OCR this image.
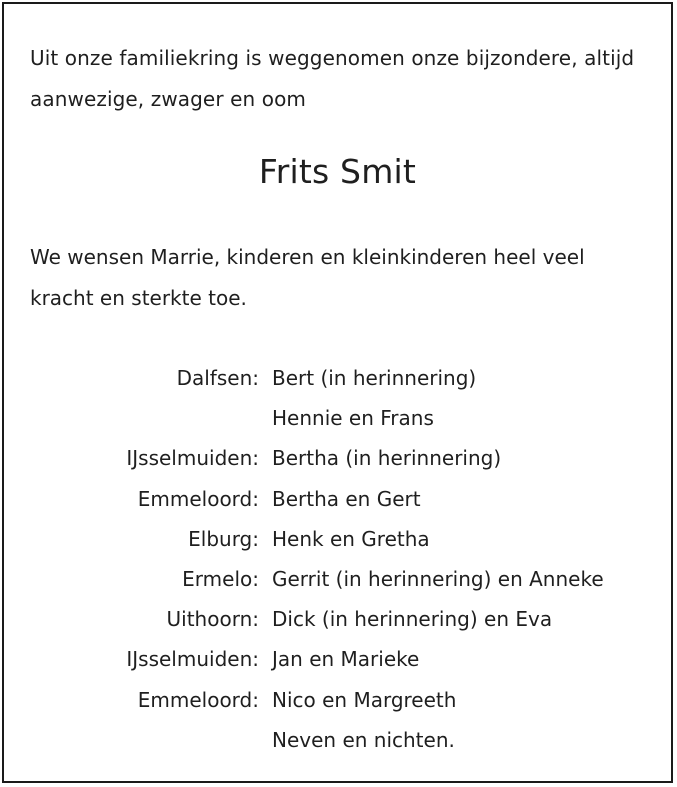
Uit onze familiekring is weggenomen onze bijzondere, altijd
aanwezige, zwager en oom
Frits Smit
We wensen Marrie, kinderen en kleinkinderen heel veel
kracht en sterkte toe.
Dalfsen: Bert (in herinnering)
Hennie en Frans
IJsselmuiden: Bertha (in herinnering)
Emmeloord: Bertha en Gert
Elburg: Henk en Gretha
Ermelo: Gerrit (in herinnering) en Anneke
Uithoorn: Dick (in herinnering) en Eva
IJsselmuiden: Jan en Marieke
Emmeloord: Nico en Margreeth
Neven en nichten.
